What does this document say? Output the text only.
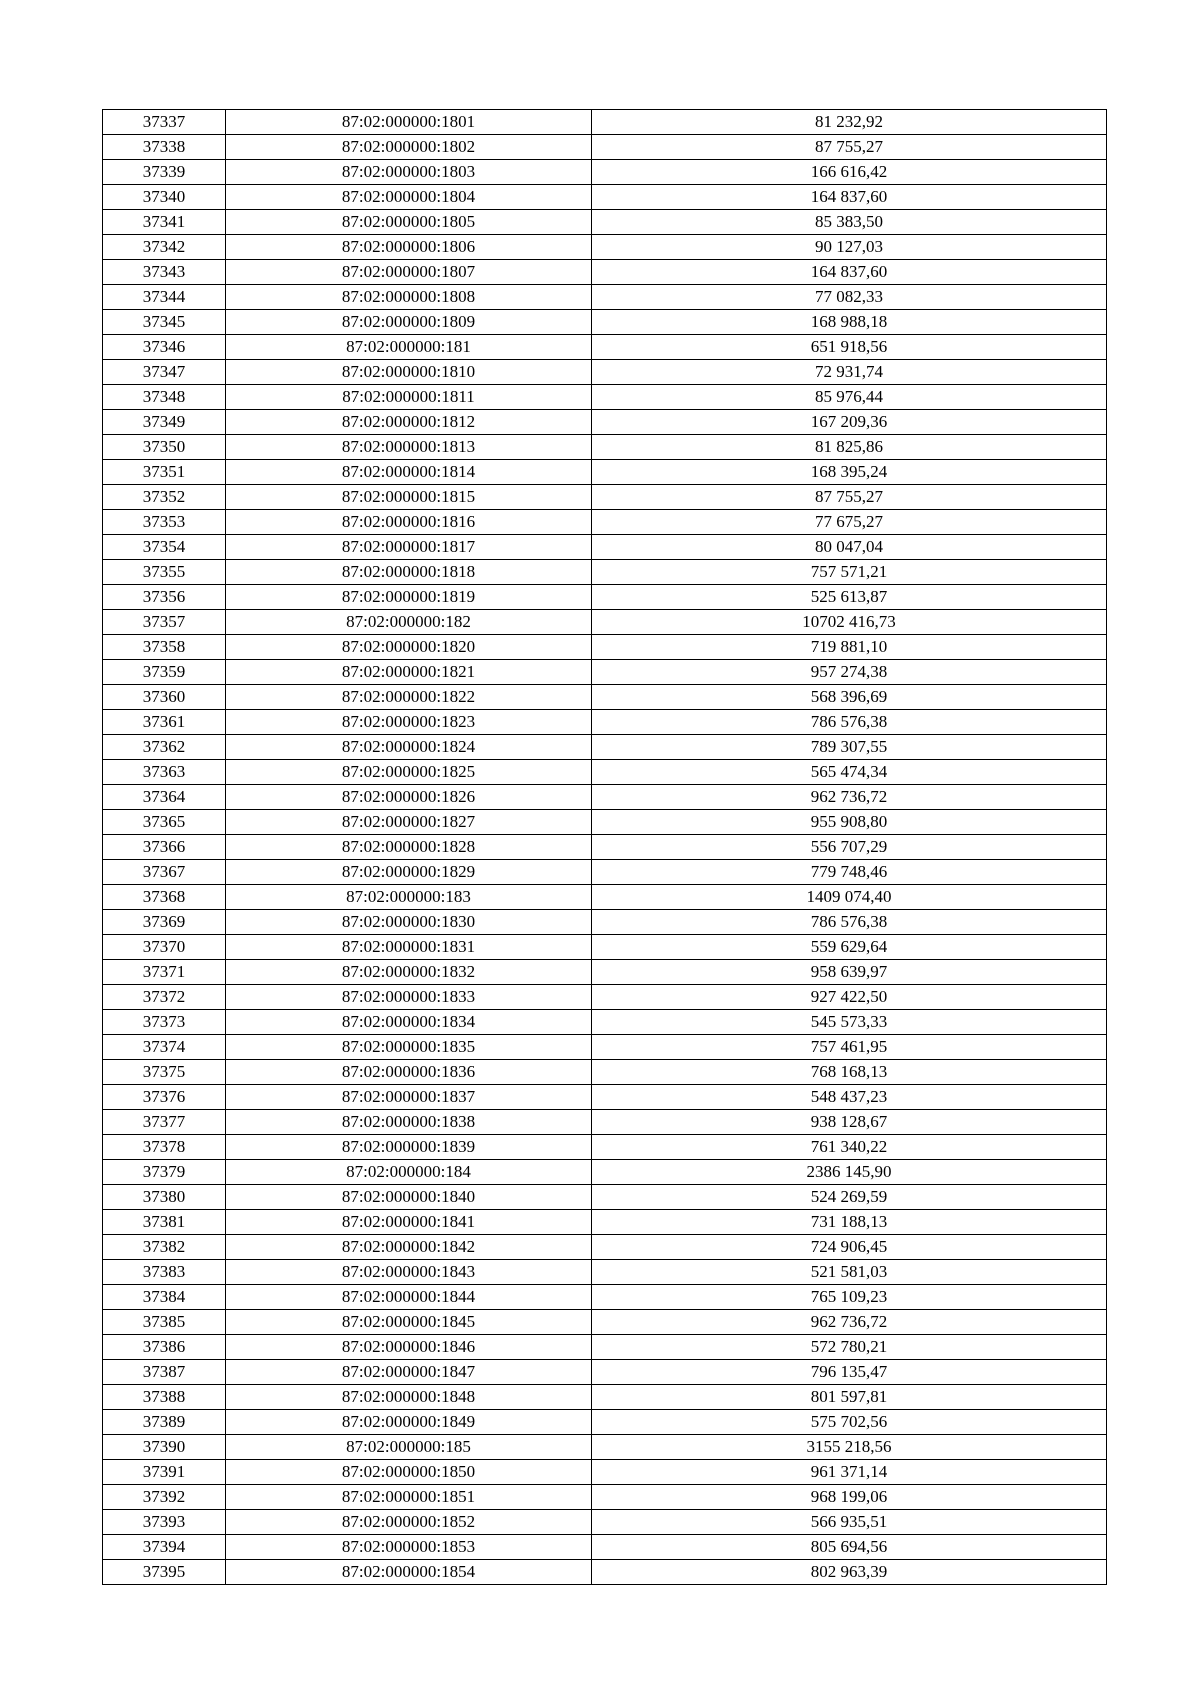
37337	87:02:000000:1801	81 232,92
37338	87:02:000000:1802	87 755,27
37339	87:02:000000:1803	166 616,42
37340	87:02:000000:1804	164 837,60
37341	87:02:000000:1805	85 383,50
37342	87:02:000000:1806	90 127,03
37343	87:02:000000:1807	164 837,60
37344	87:02:000000:1808	77 082,33
37345	87:02:000000:1809	168 988,18
37346	87:02:000000:181	651 918,56
37347	87:02:000000:1810	72 931,74
37348	87:02:000000:1811	85 976,44
37349	87:02:000000:1812	167 209,36
37350	87:02:000000:1813	81 825,86
37351	87:02:000000:1814	168 395,24
37352	87:02:000000:1815	87 755,27
37353	87:02:000000:1816	77 675,27
37354	87:02:000000:1817	80 047,04
37355	87:02:000000:1818	757 571,21
37356	87:02:000000:1819	525 613,87
37357	87:02:000000:182	10702 416,73
37358	87:02:000000:1820	719 881,10
37359	87:02:000000:1821	957 274,38
37360	87:02:000000:1822	568 396,69
37361	87:02:000000:1823	786 576,38
37362	87:02:000000:1824	789 307,55
37363	87:02:000000:1825	565 474,34
37364	87:02:000000:1826	962 736,72
37365	87:02:000000:1827	955 908,80
37366	87:02:000000:1828	556 707,29
37367	87:02:000000:1829	779 748,46
37368	87:02:000000:183	1409 074,40
37369	87:02:000000:1830	786 576,38
37370	87:02:000000:1831	559 629,64
37371	87:02:000000:1832	958 639,97
37372	87:02:000000:1833	927 422,50
37373	87:02:000000:1834	545 573,33
37374	87:02:000000:1835	757 461,95
37375	87:02:000000:1836	768 168,13
37376	87:02:000000:1837	548 437,23
37377	87:02:000000:1838	938 128,67
37378	87:02:000000:1839	761 340,22
37379	87:02:000000:184	2386 145,90
37380	87:02:000000:1840	524 269,59
37381	87:02:000000:1841	731 188,13
37382	87:02:000000:1842	724 906,45
37383	87:02:000000:1843	521 581,03
37384	87:02:000000:1844	765 109,23
37385	87:02:000000:1845	962 736,72
37386	87:02:000000:1846	572 780,21
37387	87:02:000000:1847	796 135,47
37388	87:02:000000:1848	801 597,81
37389	87:02:000000:1849	575 702,56
37390	87:02:000000:185	3155 218,56
37391	87:02:000000:1850	961 371,14
37392	87:02:000000:1851	968 199,06
37393	87:02:000000:1852	566 935,51
37394	87:02:000000:1853	805 694,56
37395	87:02:000000:1854	802 963,39
